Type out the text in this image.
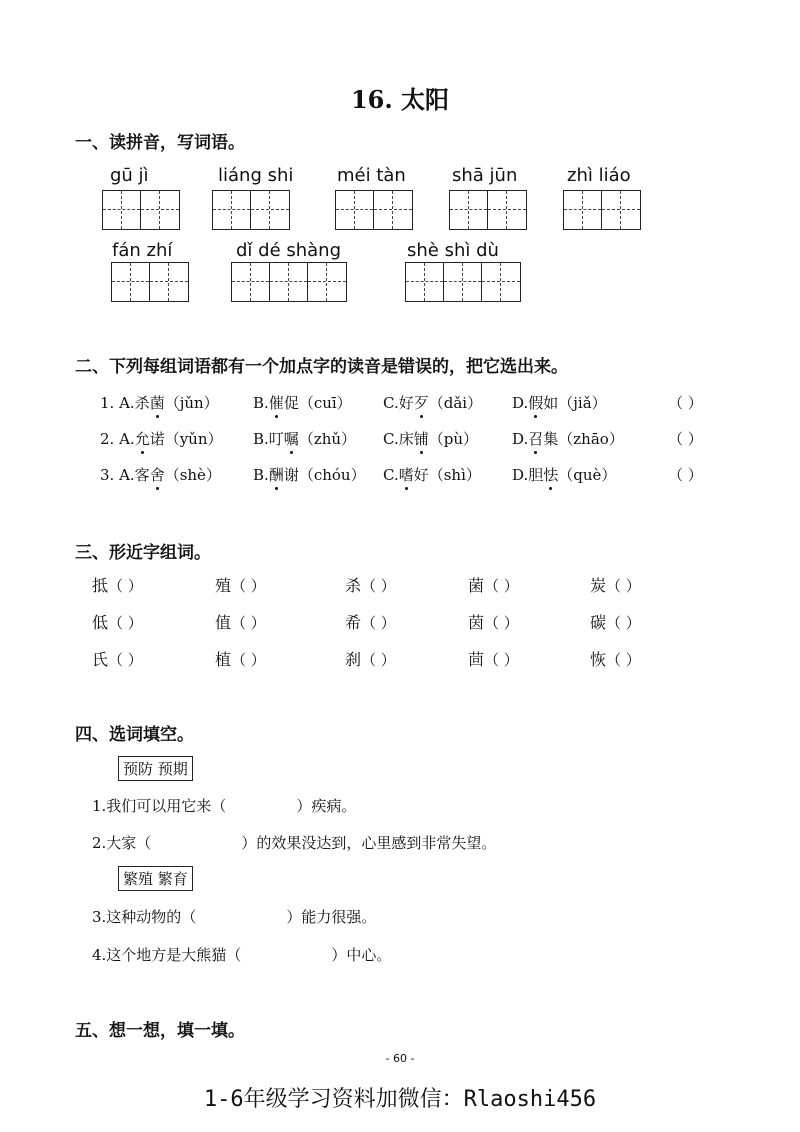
16. 太阳
一、读拼音，写词语。
gū jì	liáng shi méi tàn	shā jūn	zhì liáo
fán zhí	dǐ dé shàng	shè shì dù
二、下列每组词语都有一个加点字的读音是错误的，把它选出来。
1. A.杀菌（jǔn） B.催促（cuī） C.好歹（dǎi） D.假如（jiǎ）	（ ）
2. A.允诺（yǔn） B.叮嘱（zhǔ） C.床铺（pù） D.召集（zhāo）	（ ）
3. A.客舍（shè） B.酬谢（chóu） C.嗜好（shì） D.胆怯（què）	（ ）
三、形近字组词。
抵（ ）	殖（ ）	杀（ ）	菌（ ）	炭（ ）
低（ ）	值（ ）	希（ ）	茵（ ）	碳（ ）
氏（ ）	植（ ）	刹（ ）	茴（ ）	恢（ ）
四、选词填空。
预防 预期
1.我们可以用它来（	）疾病。
2.大家（	）的效果没达到，心里感到非常失望。
繁殖 繁育
3.这种动物的（	）能力很强。
4.这个地方是大熊猫（	）中心。
五、想一想，填一填。
- 60 -
1-6年级学习资料加微信：Rlaoshi456
